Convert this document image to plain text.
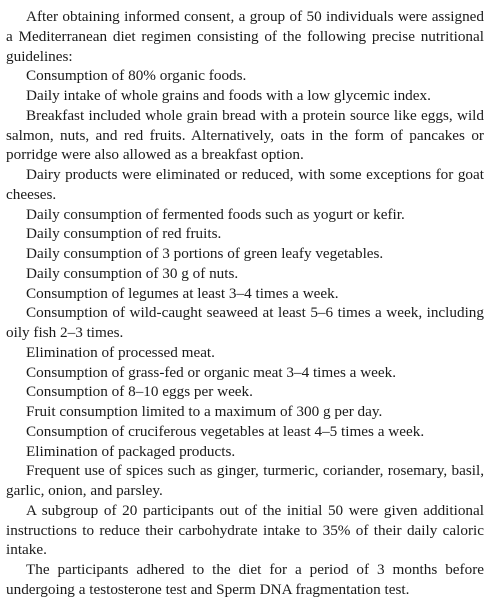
After obtaining informed consent, a group of 50 individuals were assigned a Mediterranean diet regimen consisting of the following precise nutritional guidelines:

Consumption of 80% organic foods.

Daily intake of whole grains and foods with a low glycemic index.

Breakfast included whole grain bread with a protein source like eggs, wild salmon, nuts, and red fruits. Alternatively, oats in the form of pancakes or porridge were also allowed as a breakfast option.

Dairy products were eliminated or reduced, with some exceptions for goat cheeses.

Daily consumption of fermented foods such as yogurt or kefir.

Daily consumption of red fruits.

Daily consumption of 3 portions of green leafy vegetables.

Daily consumption of 30 g of nuts.

Consumption of legumes at least 3–4 times a week.

Consumption of wild-caught seaweed at least 5–6 times a week, including oily fish 2–3 times.

Elimination of processed meat.

Consumption of grass-fed or organic meat 3–4 times a week.

Consumption of 8–10 eggs per week.

Fruit consumption limited to a maximum of 300 g per day.

Consumption of cruciferous vegetables at least 4–5 times a week.

Elimination of packaged products.

Frequent use of spices such as ginger, turmeric, coriander, rosemary, basil, garlic, onion, and parsley.

A subgroup of 20 participants out of the initial 50 were given additional instructions to reduce their carbohydrate intake to 35% of their daily caloric intake.

The participants adhered to the diet for a period of 3 months before undergoing a testosterone test and Sperm DNA fragmentation test.
